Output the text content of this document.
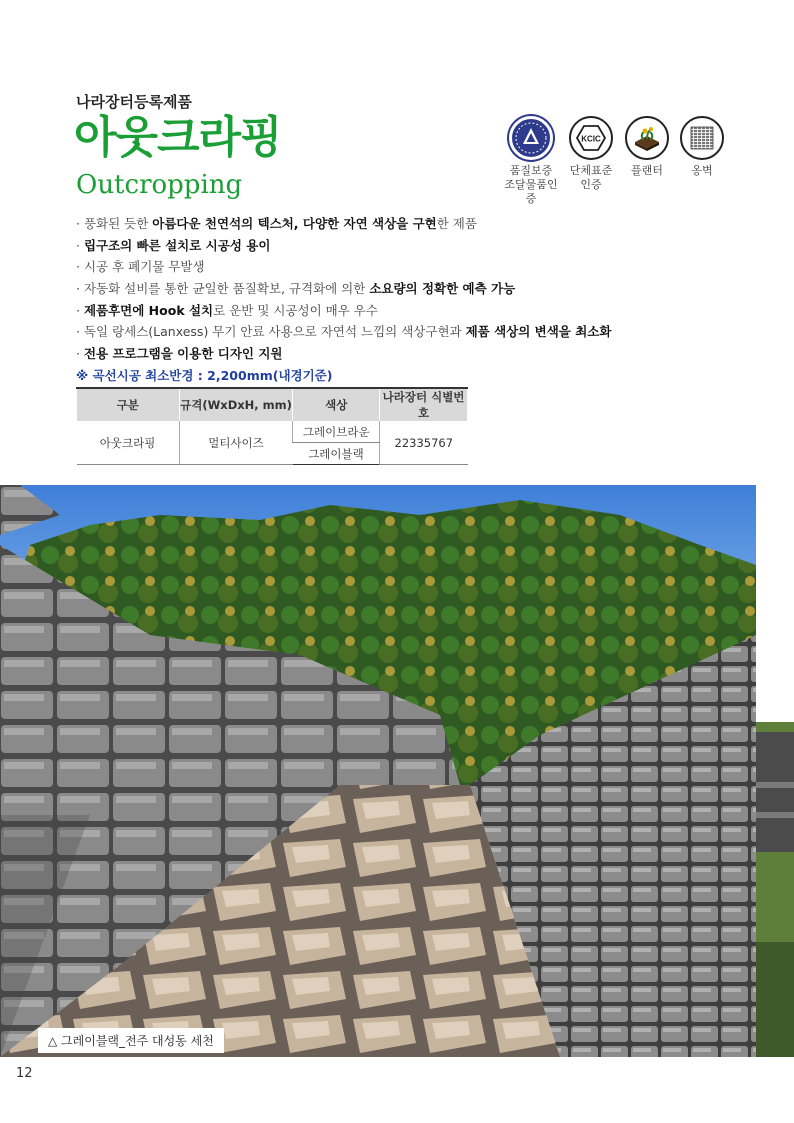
나라장터등록제품
아웃크라핑
Outcropping	품질보증
조달물품인증
KCIC
단체표준
인증
플랜터	옹벽
· 풍화된 듯한 아름다운 천연석의 텍스처, 다양한 자연 색상을 구현한 제품
· 립구조의 빠른 설치로 시공성 용이
· 시공 후 폐기물 무발생
· 자동화 설비를 통한 균일한 품질확보, 규격화에 의한 소요량의 정확한 예측 가능
· 제품후면에 Hook 설치로 운반 및 시공성이 매우 우수
· 독일 랑세스(Lanxess) 무기 안료 사용으로 자연석 느낌의 색상구현과 제품 색상의 변색을 최소화
· 전용 프로그램을 이용한 디자인 지원
※ 곡선시공 최소반경 : 2,200mm(내경기준)
구분	규격(WxDxH, mm)	색상	나라장터 식별번호
아웃크라핑	멀티사이즈	그레이브라운	22335767
		그레이블랙	
△ 그레이블랙_전주 대성동 세천
12
